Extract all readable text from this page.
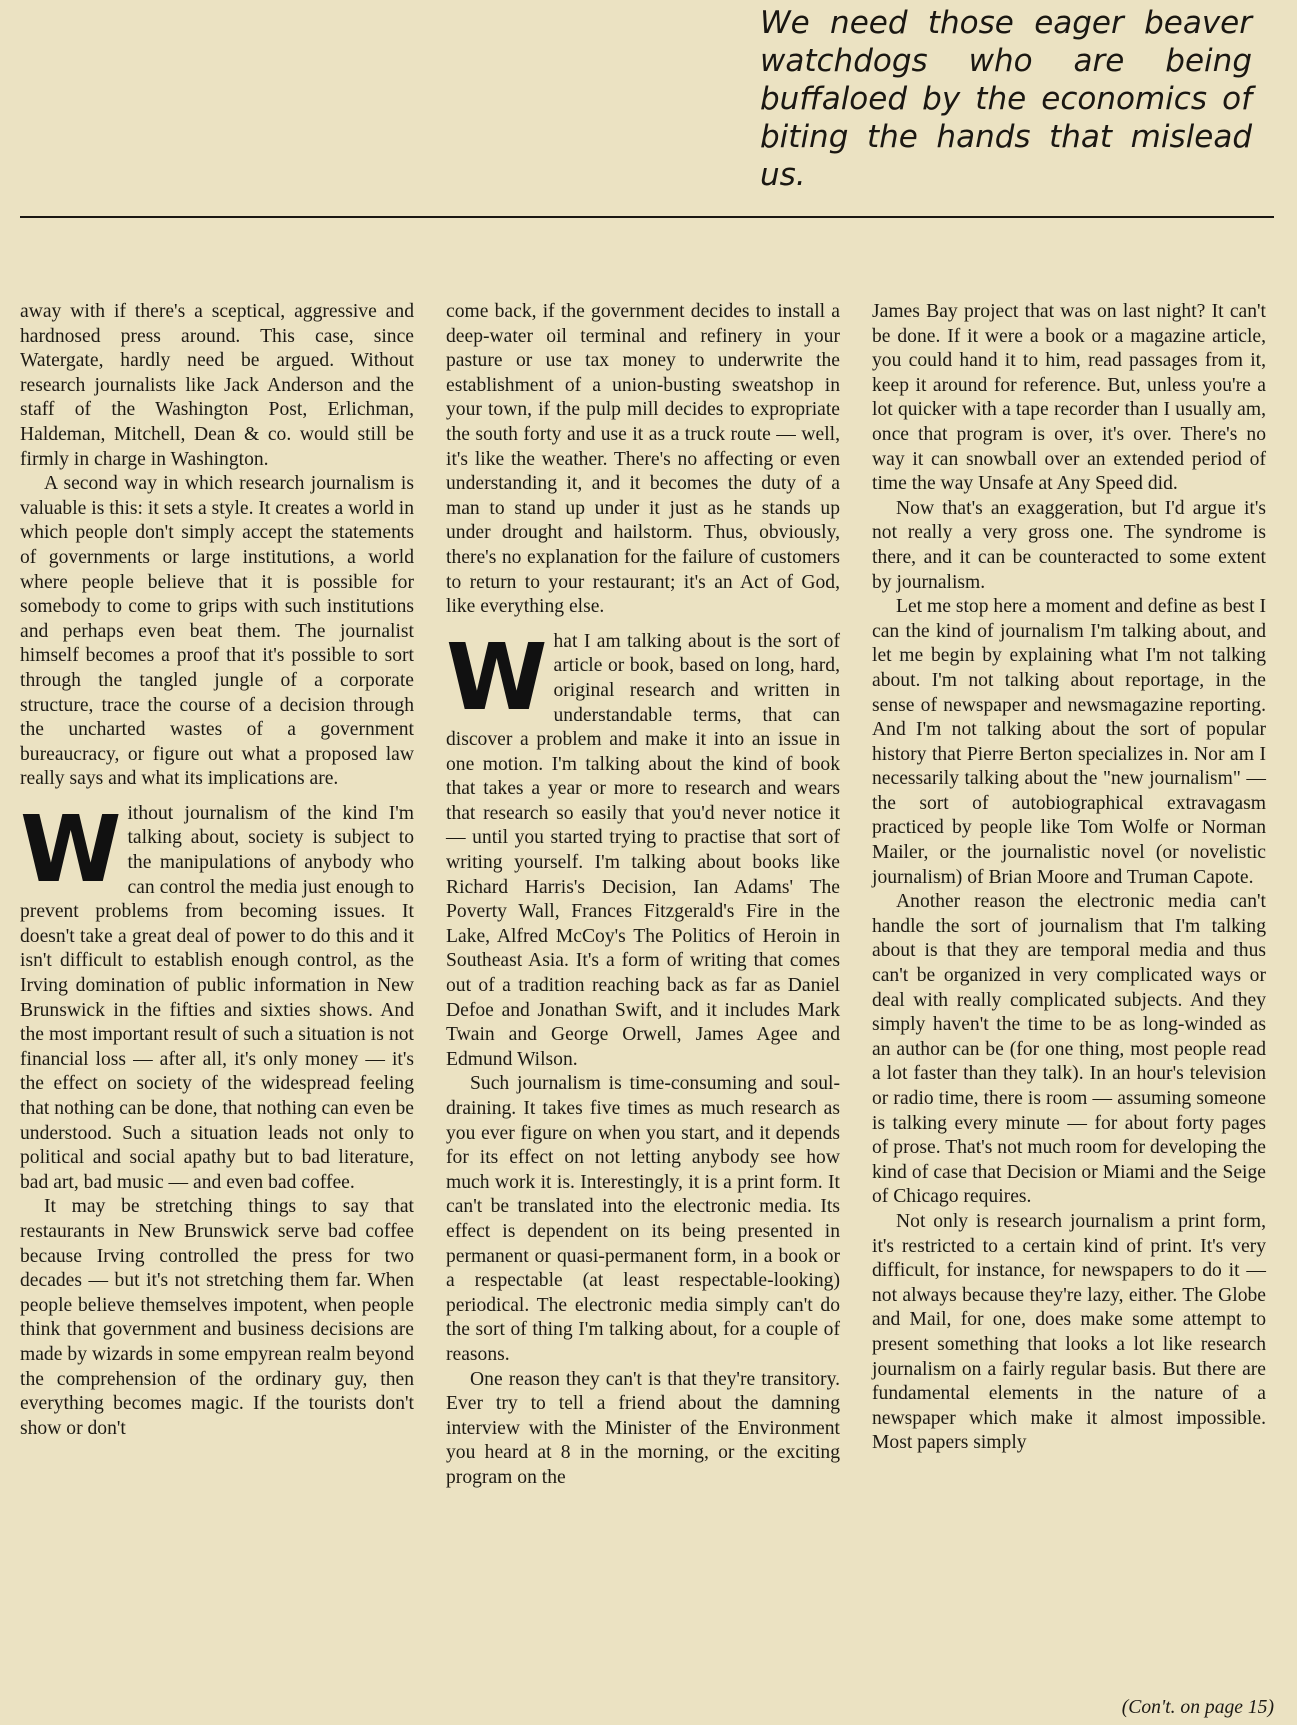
We need those eager beaver watchdogs who are being buffaloed by the economics of biting the hands that mislead us.

away with if there's a sceptical, aggressive and hardnosed press around. This case, since Watergate, hardly need be argued. Without research journalists like Jack Anderson and the staff of the Washington Post, Erlichman, Haldeman, Mitchell, Dean & co. would still be firmly in charge in Washington.

A second way in which research journalism is valuable is this: it sets a style. It creates a world in which people don't simply accept the statements of governments or large institutions, a world where people believe that it is possible for somebody to come to grips with such institutions and perhaps even beat them. The journalist himself becomes a proof that it's possible to sort through the tangled jungle of a corporate structure, trace the course of a decision through the uncharted wastes of a government bureaucracy, or figure out what a proposed law really says and what its implications are.

Without journalism of the kind I'm talking about, society is subject to the manipulations of anybody who can control the media just enough to prevent problems from becoming issues. It doesn't take a great deal of power to do this and it isn't difficult to establish enough control, as the Irving domination of public information in New Brunswick in the fifties and sixties shows. And the most important result of such a situation is not financial loss — after all, it's only money — it's the effect on society of the widespread feeling that nothing can be done, that nothing can even be understood. Such a situation leads not only to political and social apathy but to bad literature, bad art, bad music — and even bad coffee.

It may be stretching things to say that restaurants in New Brunswick serve bad coffee because Irving controlled the press for two decades — but it's not stretching them far. When people believe themselves impotent, when people think that government and business decisions are made by wizards in some empyrean realm beyond the comprehension of the ordinary guy, then everything becomes magic. If the tourists don't show or don't

come back, if the government decides to install a deep-water oil terminal and refinery in your pasture or use tax money to underwrite the establishment of a union-busting sweatshop in your town, if the pulp mill decides to expropriate the south forty and use it as a truck route — well, it's like the weather. There's no affecting or even understanding it, and it becomes the duty of a man to stand up under it just as he stands up under drought and hailstorm. Thus, obviously, there's no explanation for the failure of customers to return to your restaurant; it's an Act of God, like everything else.

What I am talking about is the sort of article or book, based on long, hard, original research and written in understandable terms, that can discover a problem and make it into an issue in one motion. I'm talking about the kind of book that takes a year or more to research and wears that research so easily that you'd never notice it — until you started trying to practise that sort of writing yourself. I'm talking about books like Richard Harris's Decision, Ian Adams' The Poverty Wall, Frances Fitzgerald's Fire in the Lake, Alfred McCoy's The Politics of Heroin in Southeast Asia. It's a form of writing that comes out of a tradition reaching back as far as Daniel Defoe and Jonathan Swift, and it includes Mark Twain and George Orwell, James Agee and Edmund Wilson.

Such journalism is time-consuming and soul-draining. It takes five times as much research as you ever figure on when you start, and it depends for its effect on not letting anybody see how much work it is. Interestingly, it is a print form. It can't be translated into the electronic media. Its effect is dependent on its being presented in permanent or quasi-permanent form, in a book or a respectable (at least respectable-looking) periodical. The electronic media simply can't do the sort of thing I'm talking about, for a couple of reasons.

One reason they can't is that they're transitory. Ever try to tell a friend about the damning interview with the Minister of the Environment you heard at 8 in the morning, or the exciting program on the

James Bay project that was on last night? It can't be done. If it were a book or a magazine article, you could hand it to him, read passages from it, keep it around for reference. But, unless you're a lot quicker with a tape recorder than I usually am, once that program is over, it's over. There's no way it can snowball over an extended period of time the way Unsafe at Any Speed did.

Now that's an exaggeration, but I'd argue it's not really a very gross one. The syndrome is there, and it can be counteracted to some extent by journalism.

Let me stop here a moment and define as best I can the kind of journalism I'm talking about, and let me begin by explaining what I'm not talking about. I'm not talking about reportage, in the sense of newspaper and newsmagazine reporting. And I'm not talking about the sort of popular history that Pierre Berton specializes in. Nor am I necessarily talking about the "new journalism" — the sort of autobiographical extravagasm practiced by people like Tom Wolfe or Norman Mailer, or the journalistic novel (or novelistic journalism) of Brian Moore and Truman Capote.

Another reason the electronic media can't handle the sort of journalism that I'm talking about is that they are temporal media and thus can't be organized in very complicated ways or deal with really complicated subjects. And they simply haven't the time to be as long-winded as an author can be (for one thing, most people read a lot faster than they talk). In an hour's television or radio time, there is room — assuming someone is talking every minute — for about forty pages of prose. That's not much room for developing the kind of case that Decision or Miami and the Seige of Chicago requires.

Not only is research journalism a print form, it's restricted to a certain kind of print. It's very difficult, for instance, for newspapers to do it — not always because they're lazy, either. The Globe and Mail, for one, does make some attempt to present something that looks a lot like research journalism on a fairly regular basis. But there are fundamental elements in the nature of a newspaper which make it almost impossible. Most papers simply

(Con't. on page 15)
